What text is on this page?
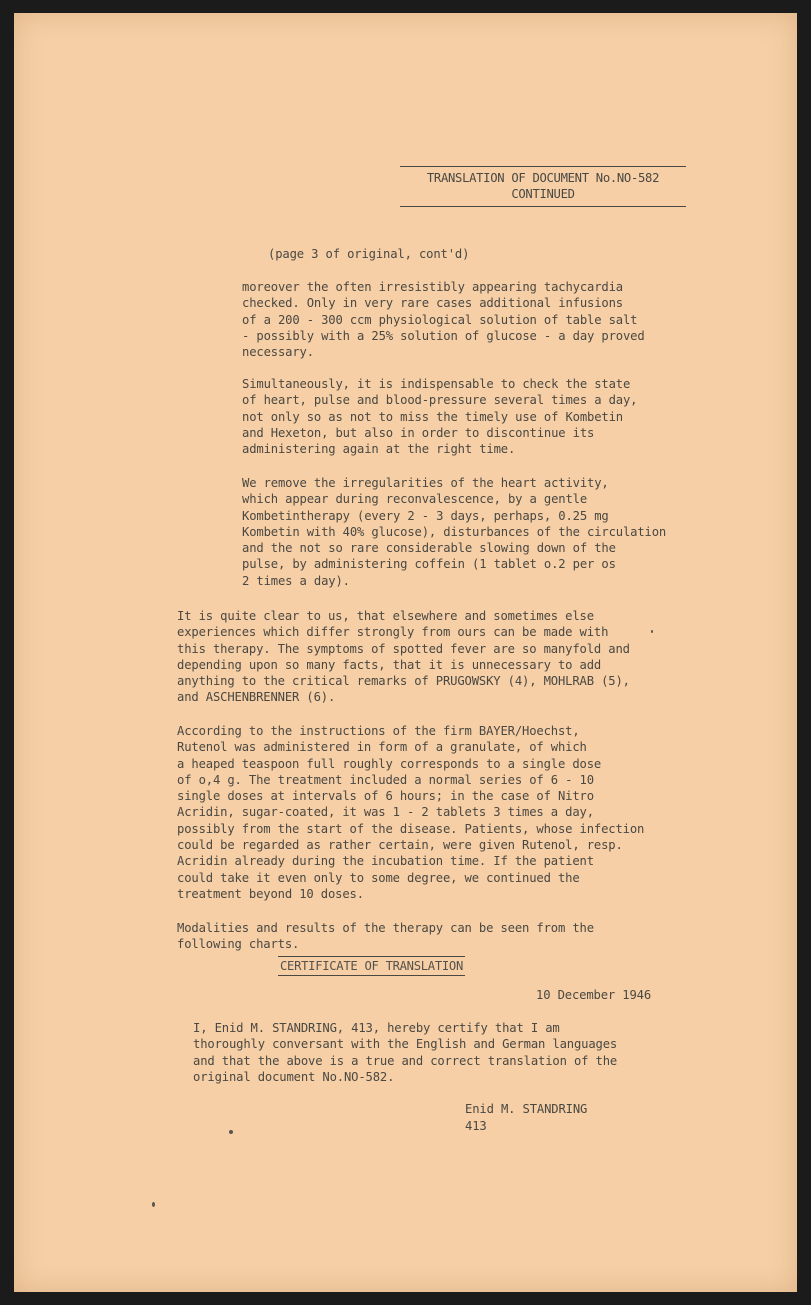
TRANSLATION OF DOCUMENT No.NO-582
CONTINUED

(page 3 of original, cont'd)

moreover the often irresistibly appearing tachycardia
checked. Only in very rare cases additional infusions
of a 200 - 300 ccm physiological solution of table salt
- possibly with a 25% solution of glucose - a day proved
necessary.

Simultaneously, it is indispensable to check the state
of heart, pulse and blood-pressure several times a day,
not only so as not to miss the timely use of Kombetin
and Hexeton, but also in order to discontinue its
administering again at the right time.

We remove the irregularities of the heart activity,
which appear during reconvalescence, by a gentle
Kombetintherapy (every 2 - 3 days, perhaps, 0.25 mg
Kombetin with 40% glucose), disturbances of the circulation
and the not so rare considerable slowing down of the
pulse, by administering coffein (1 tablet o.2 per os
2 times a day).

It is quite clear to us, that elsewhere and sometimes else
experiences which differ strongly from ours can be made with
this therapy. The symptoms of spotted fever are so manyfold and
depending upon so many facts, that it is unnecessary to add
anything to the critical remarks of PRUGOWSKY (4), MOHLRAB (5),
and ASCHENBRENNER (6).

According to the instructions of the firm BAYER/Hoechst,
Rutenol was administered in form of a granulate, of which
a heaped teaspoon full roughly corresponds to a single dose
of o,4 g. The treatment included a normal series of 6 - 10
single doses at intervals of 6 hours; in the case of Nitro
Acridin, sugar-coated, it was 1 - 2 tablets 3 times a day,
possibly from the start of the disease. Patients, whose infection
could be regarded as rather certain, were given Rutenol, resp.
Acridin already during the incubation time. If the patient
could take it even only to some degree, we continued the
treatment beyond 10 doses.

Modalities and results of the therapy can be seen from the
following charts.

CERTIFICATE OF TRANSLATION

10 December 1946

I, Enid M. STANDRING, 413, hereby certify that I am
thoroughly conversant with the English and German languages
and that the above is a true and correct translation of the
original document No.NO-582.

Enid M. STANDRING

413
